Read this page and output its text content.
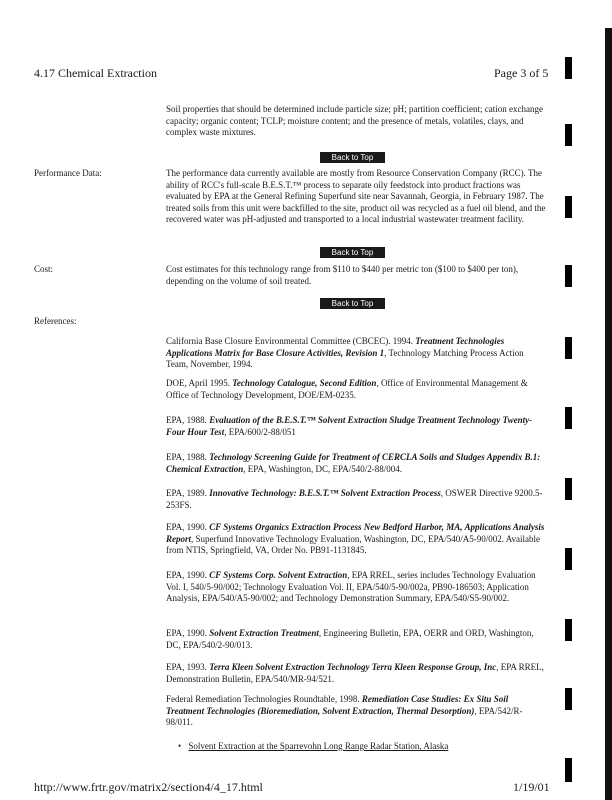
4.17 Chemical Extraction	Page 3 of 5
Soil properties that should be determined include particle size; pH; partition coefficient; cation exchange capacity; organic content; TCLP; moisture content; and the presence of metals, volatiles, clays, and complex waste mixtures.
Back to Top
Performance Data:	The performance data currently available are mostly from Resource Conservation Company (RCC). The ability of RCC's full-scale B.E.S.T.™ process to separate oily feedstock into product fractions was evaluated by EPA at the General Refining Superfund site near Savannah, Georgia, in February 1987. The treated soils from this unit were backfilled to the site, product oil was recycled as a fuel oil blend, and the recovered water was pH-adjusted and transported to a local industrial wastewater treatment facility.
Back to Top
Cost:	Cost estimates for this technology range from $110 to $440 per metric ton ($100 to $400 per ton), depending on the volume of soil treated.
Back to Top
References:
California Base Closure Environmental Committee (CBCEC). 1994. Treatment Technologies Applications Matrix for Base Closure Activities, Revision 1, Technology Matching Process Action Team, November, 1994.
DOE, April 1995. Technology Catalogue, Second Edition, Office of Environmental Management & Office of Technology Development, DOE/EM-0235.
EPA, 1988. Evaluation of the B.E.S.T.™ Solvent Extraction Sludge Treatment Technology Twenty-Four Hour Test, EPA/600/2-88/051
EPA, 1988. Technology Screening Guide for Treatment of CERCLA Soils and Sludges Appendix B.1: Chemical Extraction, EPA, Washington, DC, EPA/540/2-88/004.
EPA, 1989. Innovative Technology: B.E.S.T.™ Solvent Extraction Process, OSWER Directive 9200.5-253FS.
EPA, 1990. CF Systems Organics Extraction Process New Bedford Harbor, MA, Applications Analysis Report, Superfund Innovative Technology Evaluation, Washington, DC, EPA/540/A5-90/002. Available from NTIS, Springfield, VA, Order No. PB91-1131845.
EPA, 1990. CF Systems Corp. Solvent Extraction, EPA RREL, series includes Technology Evaluation Vol. I, 540/5-90/002; Technology Evaluation Vol. II, EPA/540/5-90/002a, PB90-186503; Application Analysis, EPA/540/A5-90/002; and Technology Demonstration Summary, EPA/540/S5-90/002.
EPA, 1990. Solvent Extraction Treatment, Engineering Bulletin, EPA, OERR and ORD, Washington, DC, EPA/540/2-90/013.
EPA, 1993. Terra Kleen Solvent Extraction Technology Terra Kleen Response Group, Inc, EPA RREL, Demonstration Bulletin, EPA/540/MR-94/521.
Federal Remediation Technologies Roundtable, 1998. Remediation Case Studies: Ex Situ Soil Treatment Technologies (Bioremediation, Solvent Extraction, Thermal Desorption), EPA/542/R-98/011.
• Solvent Extraction at the Sparrevohn Long Range Radar Station, Alaska
http://www.frtr.gov/matrix2/section4/4_17.html	1/19/01
